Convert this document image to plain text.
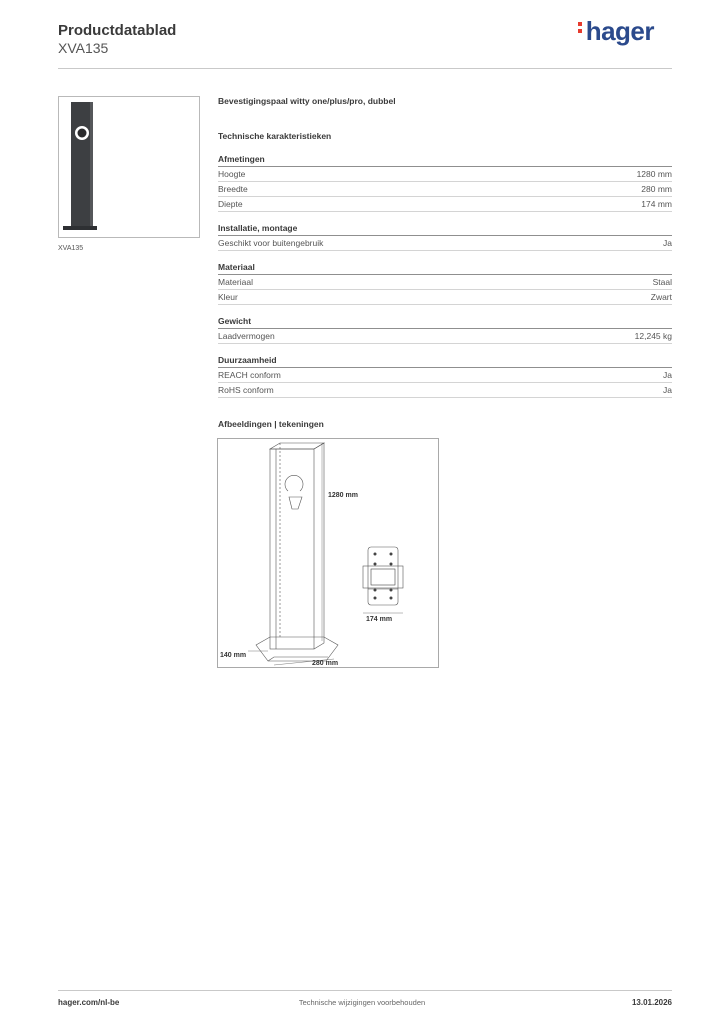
Productdatablad
XVA135
hager
XVA135
Bevestigingspaal witty one/plus/pro, dubbel
Technische karakteristieken
Afmetingen
Hoogte	1280 mm
Breedte	280 mm
Diepte	174 mm
Installatie, montage
Geschikt voor buitengebruik	Ja
Materiaal
Materiaal	Staal
Kleur	Zwart
Gewicht
Laadvermogen	12,245 kg
Duurzaamheid
REACH conform	Ja
RoHS conform	Ja
Afbeeldingen | tekeningen
1280 mm
174 mm
140 mm
280 mm
hager.com/nl-be	Technische wijzigingen voorbehouden	13.01.2026
